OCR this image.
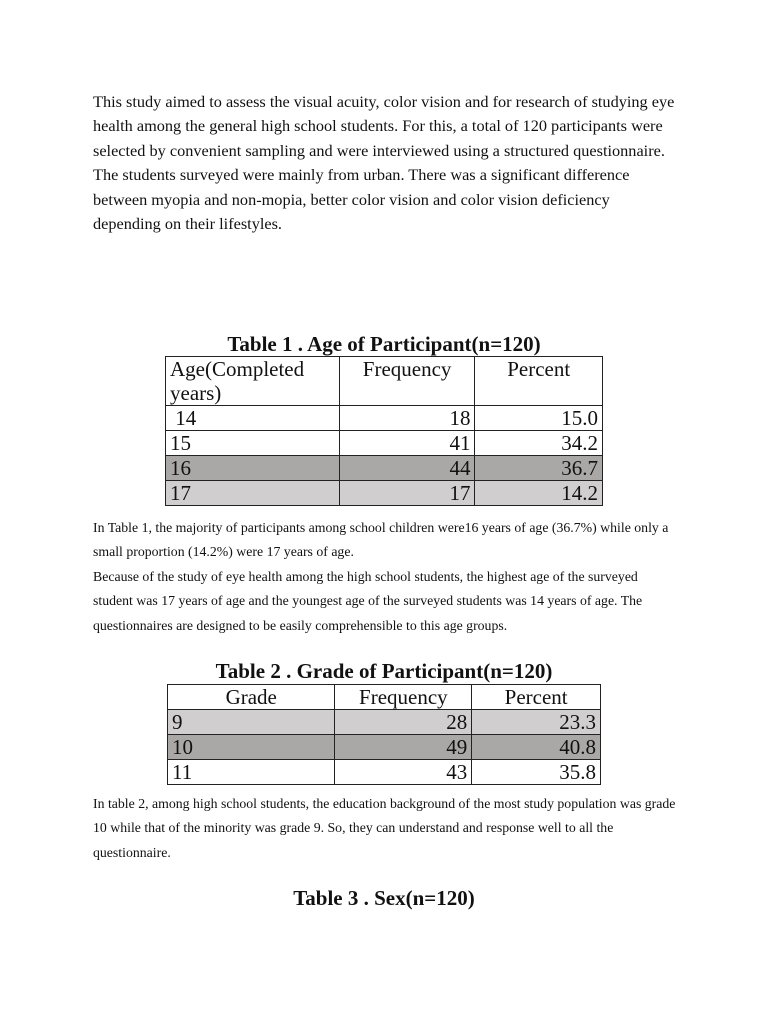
This study aimed to assess the visual acuity, color vision and for research of studying eye health among the general high school students. For this, a total of 120 participants were selected by convenient sampling and were interviewed using a structured questionnaire.

The students surveyed were mainly from urban. There was a significant difference between myopia and non-mopia, better color vision and color vision deficiency depending on their lifestyles.

Table 1 . Age of Participant(n=120)
Age(Completed years)	Frequency	Percent
14	18	15.0
15	41	34.2
16	44	36.7
17	17	14.2

In Table 1, the majority of participants among school children were16 years of age (36.7%) while only a small proportion (14.2%) were 17 years of age.

Because of the study of eye health among the high school students, the highest age of the surveyed student was 17 years of age and the youngest age of the surveyed students was 14 years of age. The questionnaires are designed to be easily comprehensible to this age groups.

Table 2 . Grade of Participant(n=120)
Grade	Frequency	Percent
9	28	23.3
10	49	40.8
11	43	35.8

In table 2, among high school students, the education background of the most study population was grade 10 while that of the minority was grade 9. So, they can understand and response well to all the questionnaire.

Table 3 . Sex(n=120)
